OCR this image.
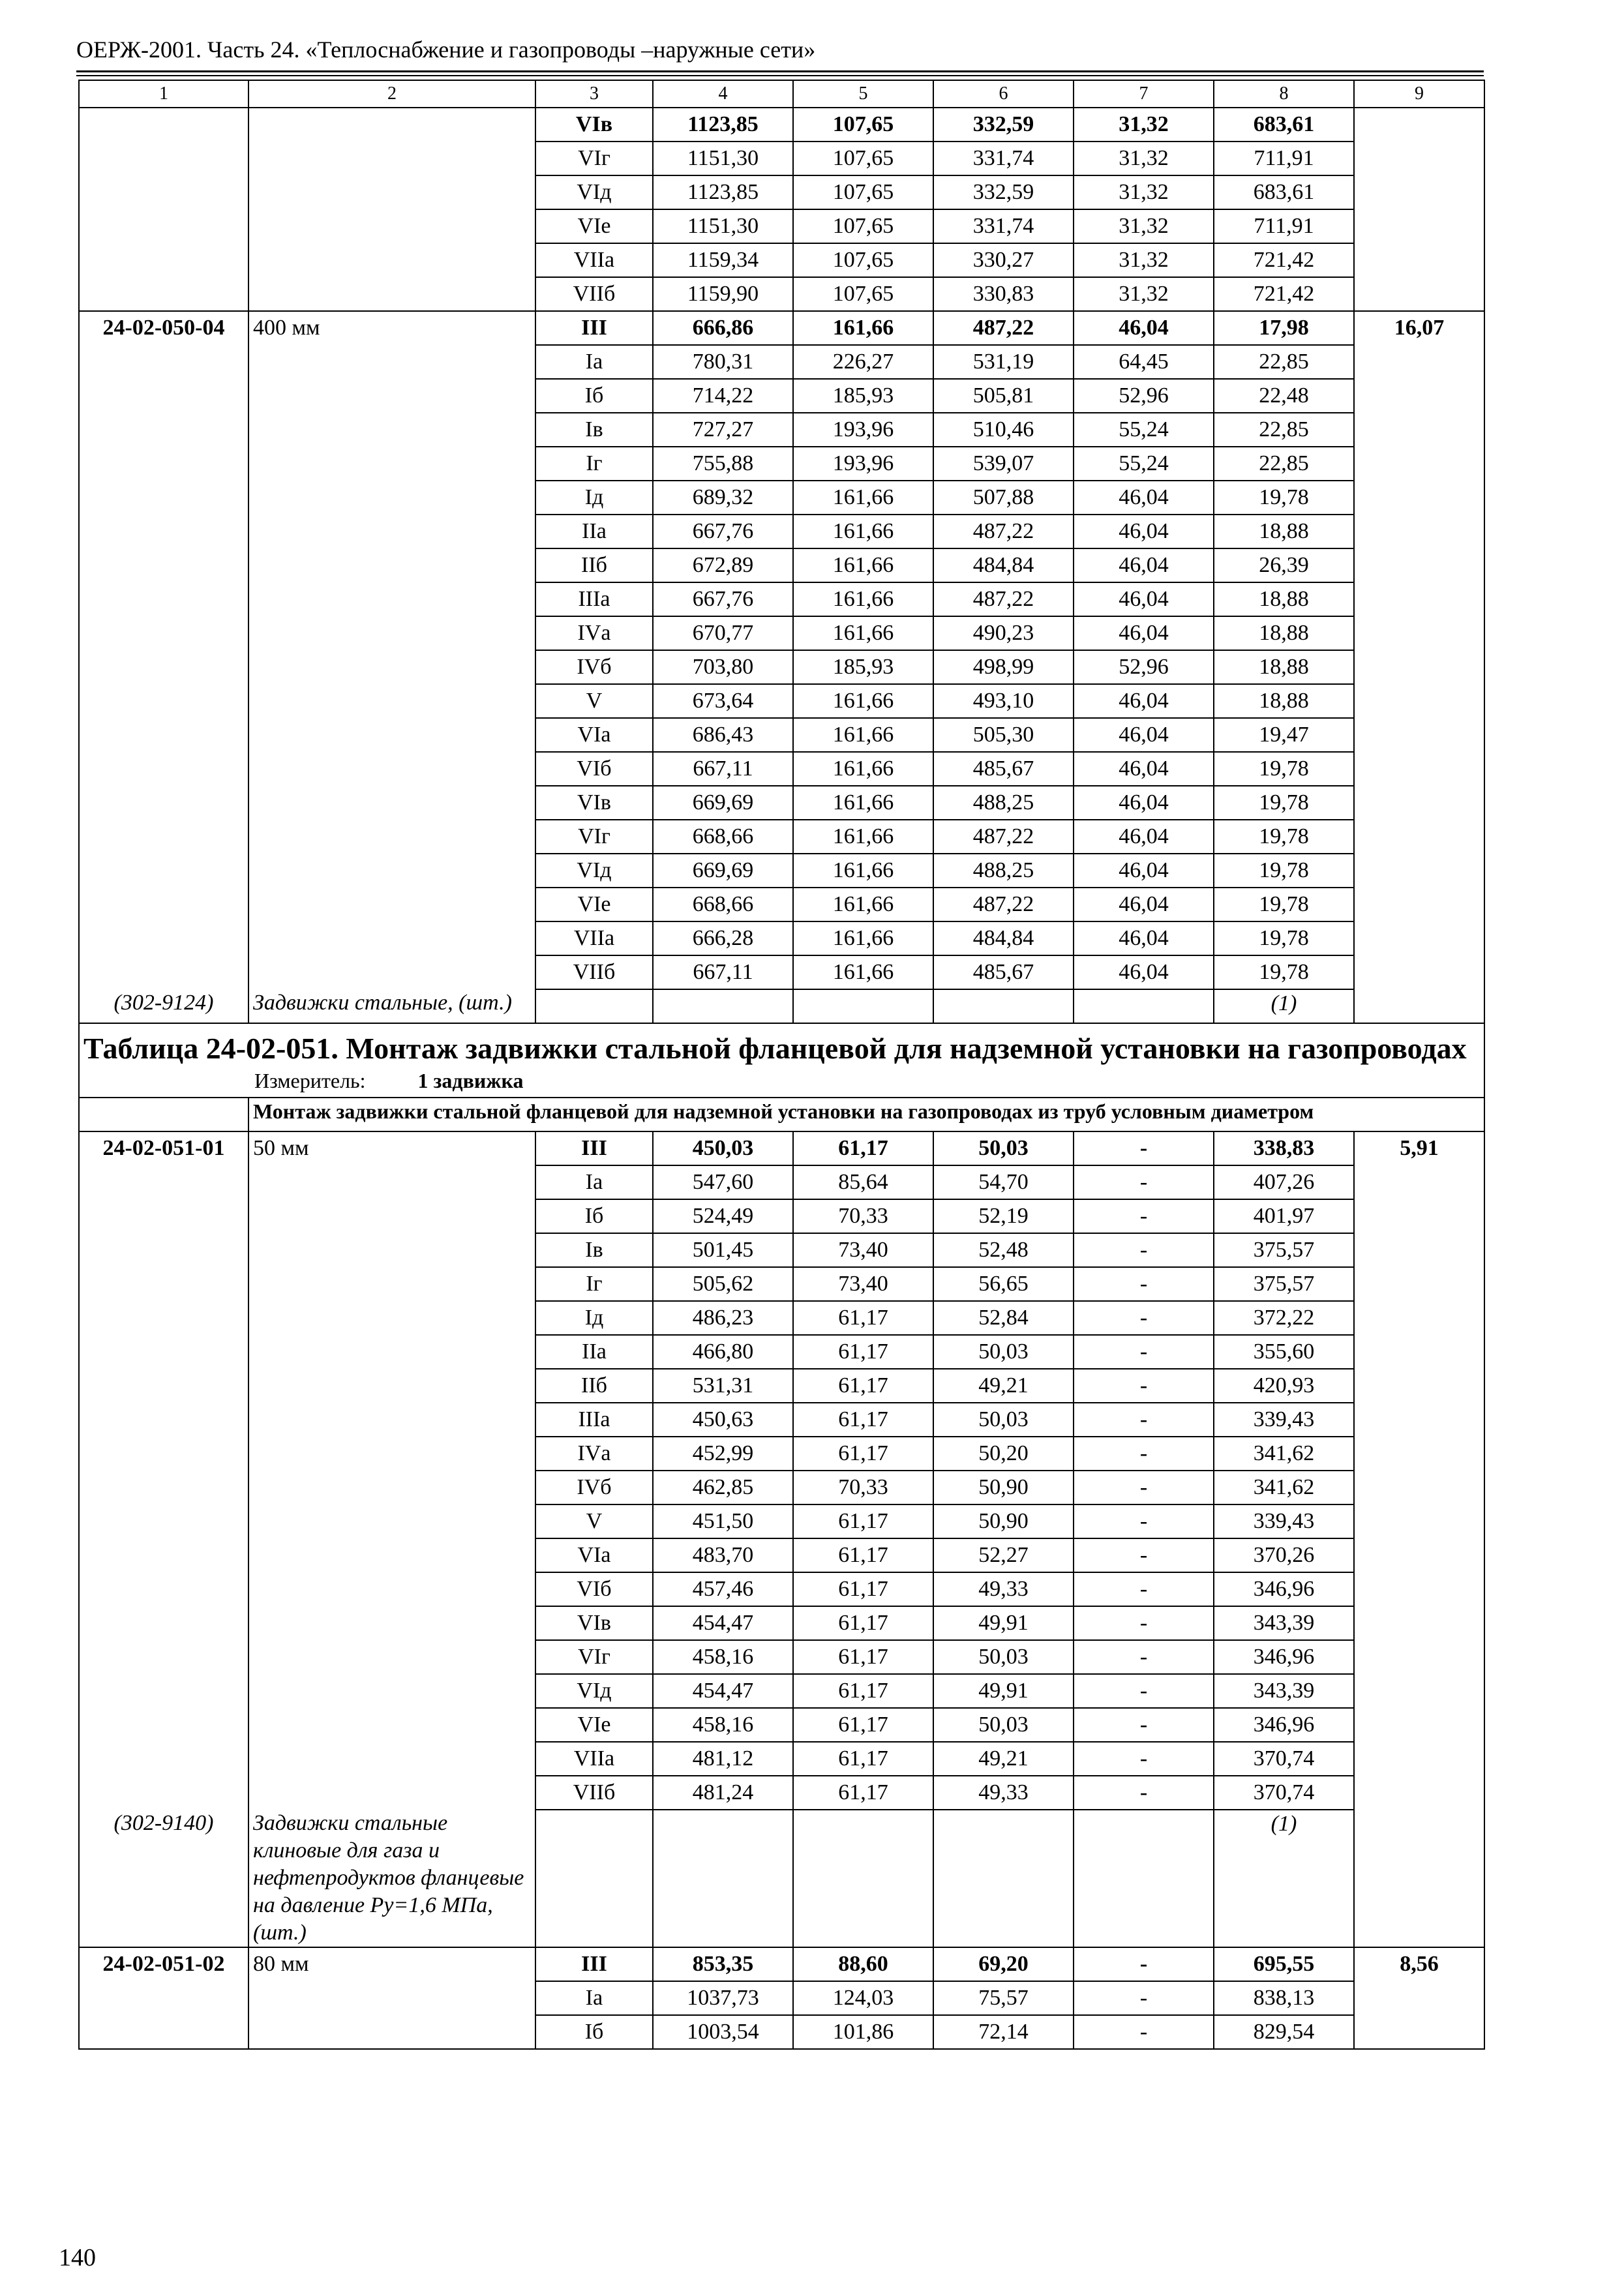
ОЕРЖ-2001. Часть 24. «Теплоснабжение и газопроводы –наружные сети»
1	2	3	4	5	6	7	8	9
		VIв	1123,85	107,65	332,59	31,32	683,61	
		VIг	1151,30	107,65	331,74	31,32	711,91	
		VIд	1123,85	107,65	332,59	31,32	683,61	
		VIе	1151,30	107,65	331,74	31,32	711,91	
		VIIа	1159,34	107,65	330,27	31,32	721,42	
		VIIб	1159,90	107,65	330,83	31,32	721,42	
24-02-050-04	400 мм	III	666,86	161,66	487,22	46,04	17,98	16,07
		Iа	780,31	226,27	531,19	64,45	22,85	
		Iб	714,22	185,93	505,81	52,96	22,48	
		Iв	727,27	193,96	510,46	55,24	22,85	
		Iг	755,88	193,96	539,07	55,24	22,85	
		Iд	689,32	161,66	507,88	46,04	19,78	
		IIа	667,76	161,66	487,22	46,04	18,88	
		IIб	672,89	161,66	484,84	46,04	26,39	
		IIIа	667,76	161,66	487,22	46,04	18,88	
		IVа	670,77	161,66	490,23	46,04	18,88	
		IVб	703,80	185,93	498,99	52,96	18,88	
		V	673,64	161,66	493,10	46,04	18,88	
		VIа	686,43	161,66	505,30	46,04	19,47	
		VIб	667,11	161,66	485,67	46,04	19,78	
		VIв	669,69	161,66	488,25	46,04	19,78	
		VIг	668,66	161,66	487,22	46,04	19,78	
		VIд	669,69	161,66	488,25	46,04	19,78	
		VIе	668,66	161,66	487,22	46,04	19,78	
		VIIа	666,28	161,66	484,84	46,04	19,78	
		VIIб	667,11	161,66	485,67	46,04	19,78	
(302-9124)	Задвижки стальные, (шт.)						(1)	

Таблица 24-02-051. Монтаж задвижки стальной фланцевой для надземной установки на газопроводах
Измеритель: 1 задвижка								

	Монтаж задвижки стальной фланцевой для надземной установки на газопроводах из труб условным диаметром							
24-02-051-01	50 мм	III	450,03	61,17	50,03	-	338,83	5,91
		Iа	547,60	85,64	54,70	-	407,26	
		Iб	524,49	70,33	52,19	-	401,97	
		Iв	501,45	73,40	52,48	-	375,57	
		Iг	505,62	73,40	56,65	-	375,57	
		Iд	486,23	61,17	52,84	-	372,22	
		IIа	466,80	61,17	50,03	-	355,60	
		IIб	531,31	61,17	49,21	-	420,93	
		IIIа	450,63	61,17	50,03	-	339,43	
		IVа	452,99	61,17	50,20	-	341,62	
		IVб	462,85	70,33	50,90	-	341,62	
		V	451,50	61,17	50,90	-	339,43	
		VIа	483,70	61,17	52,27	-	370,26	
		VIб	457,46	61,17	49,33	-	346,96	
		VIв	454,47	61,17	49,91	-	343,39	
		VIг	458,16	61,17	50,03	-	346,96	
		VIд	454,47	61,17	49,91	-	343,39	
		VIе	458,16	61,17	50,03	-	346,96	
		VIIа	481,12	61,17	49,21	-	370,74	
		VIIб	481,24	61,17	49,33	-	370,74	
(302-9140)	Задвижки стальные клиновые для газа и нефтепродуктов фланцевые на давление Ру=1,6 МПа, (шт.)						(1)	
24-02-051-02	80 мм	III	853,35	88,60	69,20	-	695,55	8,56
		Iа	1037,73	124,03	75,57	-	838,13	
		Iб	1003,54	101,86	72,14	-	829,54	
140
